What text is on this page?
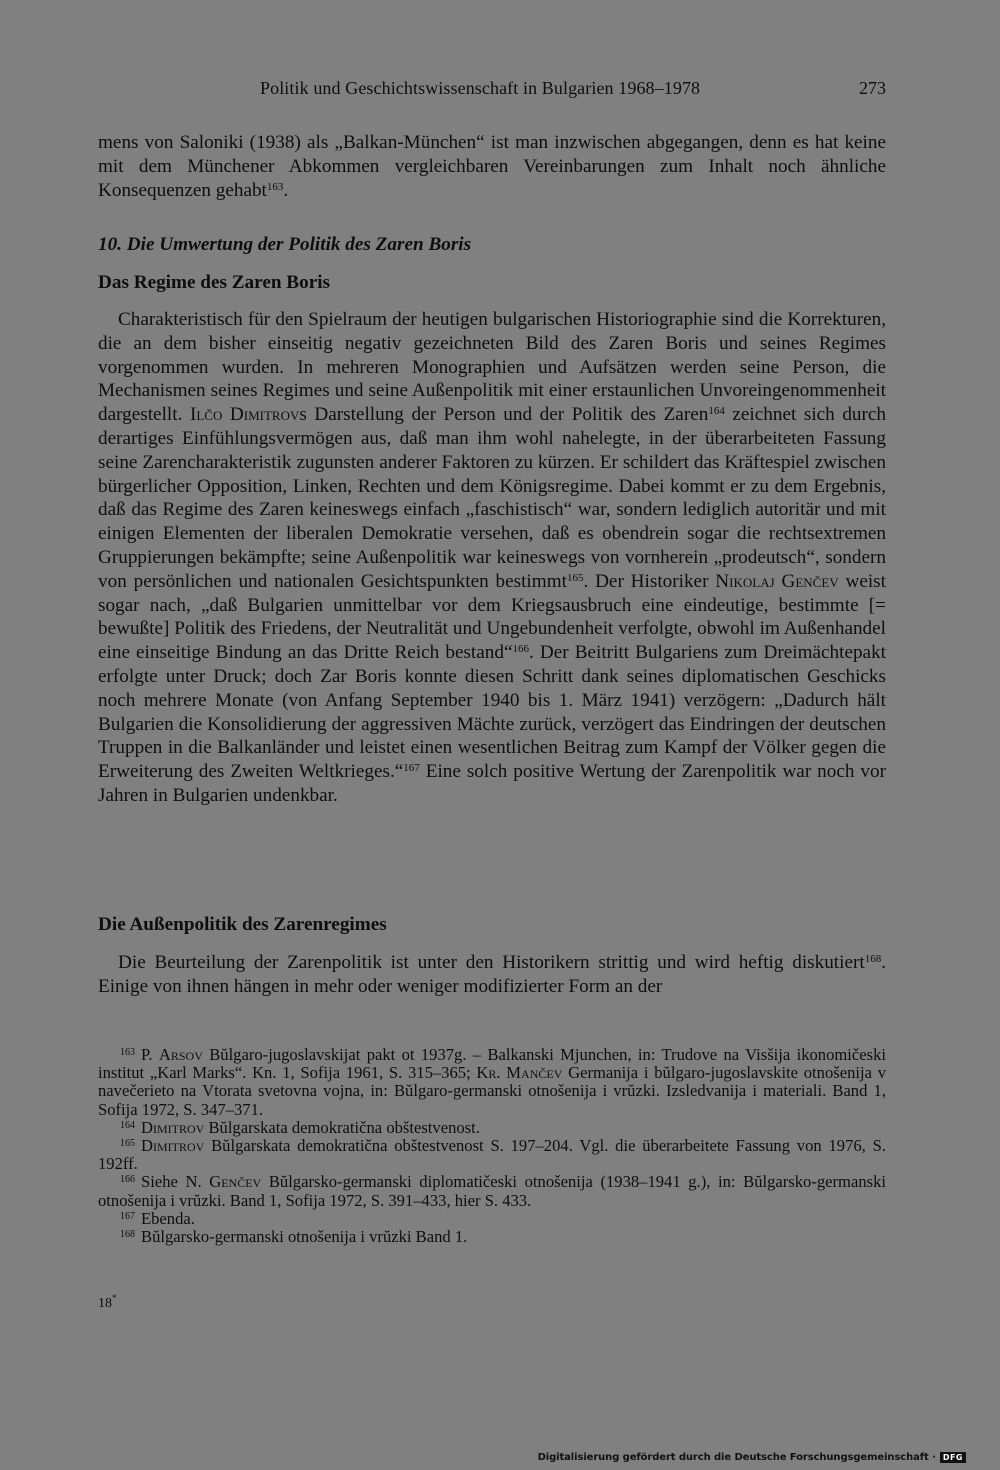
Politik und Geschichtswissenschaft in Bulgarien 1968–1978	273

mens von Saloniki (1938) als „Balkan-München“ ist man inzwischen abgegangen, denn es hat keine mit dem Münchener Abkommen vergleichbaren Vereinbarungen zum Inhalt noch ähnliche Konsequenzen gehabt$^{163}$.

10. Die Umwertung der Politik des Zaren Boris
Das Regime des Zaren Boris

Charakteristisch für den Spielraum der heutigen bulgarischen Historiographie sind die Korrekturen, die an dem bisher einseitig negativ gezeichneten Bild des Zaren Boris und seines Regimes vorgenommen wurden. In mehreren Monographien und Aufsätzen werden seine Person, die Mechanismen seines Regimes und seine Außenpolitik mit einer erstaunlichen Unvoreingenommenheit dargestellt. Ilčo Dimitrovs Darstellung der Person und der Politik des Zaren$^{164}$ zeichnet sich durch derartiges Einfühlungsvermögen aus, daß man ihm wohl nahelegte, in der überarbeiteten Fassung seine Zarencharakteristik zugunsten anderer Faktoren zu kürzen. Er schildert das Kräftespiel zwischen bürgerlicher Opposition, Linken, Rechten und dem Königsregime. Dabei kommt er zu dem Ergebnis, daß das Regime des Zaren keineswegs einfach „faschistisch“ war, sondern lediglich autoritär und mit einigen Elementen der liberalen Demokratie versehen, daß es obendrein sogar die rechtsextremen Gruppierungen bekämpfte; seine Außenpolitik war keineswegs von vornherein „prodeutsch“, sondern von persönlichen und nationalen Gesichtspunkten bestimmt$^{165}$. Der Historiker Nikolaj Genčev weist sogar nach, „daß Bulgarien unmittelbar vor dem Kriegsausbruch eine eindeutige, bestimmte [= bewußte] Politik des Friedens, der Neutralität und Ungebundenheit verfolgte, obwohl im Außenhandel eine einseitige Bindung an das Dritte Reich bestand“$^{166}$. Der Beitritt Bulgariens zum Dreimächtepakt erfolgte unter Druck; doch Zar Boris konnte diesen Schritt dank seines diplomatischen Geschicks noch mehrere Monate (von Anfang September 1940 bis 1. März 1941) verzögern: „Dadurch hält Bulgarien die Konsolidierung der aggressiven Mächte zurück, verzögert das Eindringen der deutschen Truppen in die Balkanländer und leistet einen wesentlichen Beitrag zum Kampf der Völker gegen die Erweiterung des Zweiten Weltkrieges.“$^{167}$ Eine solch positive Wertung der Zarenpolitik war noch vor Jahren in Bulgarien undenkbar.

Die Außenpolitik des Zarenregimes

Die Beurteilung der Zarenpolitik ist unter den Historikern strittig und wird heftig diskutiert$^{168}$. Einige von ihnen hängen in mehr oder weniger modifizierter Form an der

$^{163}$ P. Arsov Bŭlgaro-jugoslavskijat pakt ot 1937g. – Balkanski Mjunchen, in: Trudove na Visšija ikonomičeski institut „Karl Marks“. Kn. 1, Sofija 1961, S. 315–365; Kr. Mančev Germanija i bŭlgaro-jugoslavskite otnošenija v navečerieto na Vtorata svetovna vojna, in: Bŭlgaro-germanski otnošenija i vrŭzki. Izsledvanija i materiali. Band 1, Sofija 1972, S. 347–371.

$^{164}$ Dimitrov Bŭlgarskata demokratična obštestvenost.

$^{165}$ Dimitrov Bŭlgarskata demokratična obštestvenost S. 197–204. Vgl. die überarbeitete Fassung von 1976, S. 192ff.

$^{166}$ Siehe N. Genčev Bŭlgarsko-germanski diplomatičeski otnošenija (1938–1941 g.), in: Bŭlgarsko-germanski otnošenija i vrŭzki. Band 1, Sofija 1972, S. 391–433, hier S. 433.

$^{167}$ Ebenda.

$^{168}$ Bŭlgarsko-germanski otnošenija i vrŭzki Band 1.

18*
Digitalisierung gefördert durch die Deutsche Forschungsgemeinschaft · DFG
